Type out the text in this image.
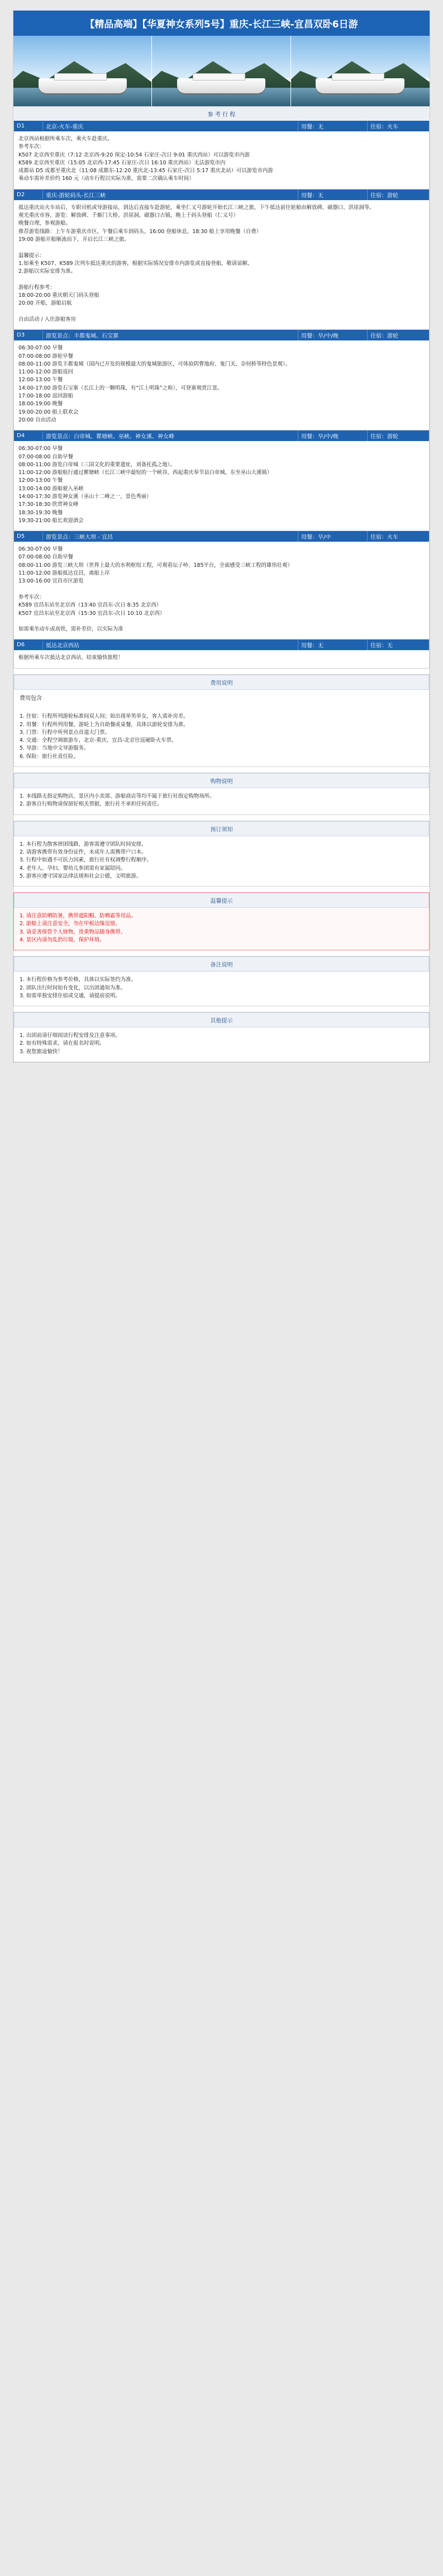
【精品高端】【华夏神女系列5号】重庆-长江三峡-宜昌双卧6日游
参 考 行 程
D1	北京-火车-重庆	用餐：无	住宿：火车
北京西站根据所乘车次，乘火车赴重庆。
参考车次：
K507 北京西至重庆（7:12 北京西-9:20 保定-10:54 石家庄-次日 9:01 重庆西站）可以游览市内游
K589 北京西至重庆（15:05 北京西-17:45 石家庄-次日 16:10 重庆西站）无法游览市内
成都站 D5 成都至重庆北（11:08 成都东-12:20 重庆北-13:45 石家庄-次日 5:17 重庆北站）可以游览市内游
乘动车需补差价约 160 元（动车行程以实际为准，需要二次确认乘车时间）
D2	重庆-游轮码头-长江三峡	用餐：无	住宿：游轮
抵达重庆站火车站后，专职司机或导游接站，到达后直接车赴游轮，乘坐仁义号游轮开始长江三峡之旅，下午抵达前往轮船由解放碑、磁器口、洪崖洞等。
观光重庆市容，游览：解放碑、千厮门大桥、洪崖洞、磁器口古镇，晚上于码头登船（仁义号）
晚餐自理，参观游船。
推荐游览线路：上午车游重庆市区，午餐后乘车到码头，16:00 登船休息，18:30 船上享用晚餐（自费）
19:00 游船开船顺流而下，开启长江三峡之旅。

温馨提示：
1.如乘坐 K507、K589 次列车抵达重庆的游客，根据实际情况安排市内游览或直接登船，敬请谅解。
2.游船以实际安排为准。

游船行程参考：
18:00-20:00 重庆朝天门码头登船
20:00 开船，游船启航

自由活动 / 入住游船客房
D3	游览景点：丰都鬼城、石宝寨	用餐：早/中/晚	住宿：游轮
06:30-07:00 早餐
07:00-08:00 游轮早餐
08:00-11:00 游览丰都鬼城（国内已开发的规模最大的鬼城旅游区，可体验阴曹地府、鬼门关、奈何桥等特色景观）。
11:00-12:00 游船返回
12:00-13:00 午餐
14:00-17:00 游览石宝寨（长江上的一颗明珠，有“江上明珠”之称），可登寨观赏江景。
17:00-18:00 返回游船
18:00-19:00 晚餐
19:00-20:00 船上联欢会
20:00 自由活动
D4	游览景点：白帝城、瞿塘峡、巫峡、神女溪、神女峰	用餐：早/中/晚	住宿：游轮
06:30-07:00 早餐
07:00-08:00 自助早餐
08:00-11:00 游览白帝城（三国文化的重要遗址，刘备托孤之地）。
11:00-12:00 游船航行通过瞿塘峡（长江三峡中最短的一个峡谷，西起重庆奉节县白帝城，东至巫山大溪镇）
12:00-13:00 午餐
13:00-14:00 游船驶入巫峡
14:00-17:30 游览神女溪（巫山十二峰之一，景色秀丽）
17:30-18:30 欣赏神女峰
18:30-19:30 晚餐
19:30-21:00 船长欢迎酒会
D5	游览景点：三峡大坝 - 宜昌	用餐：早/中	住宿：火车
06:30-07:00 早餐
07:00-08:00 自助早餐
08:00-11:00 游览三峡大坝（世界上最大的水利枢纽工程，可观看坛子岭、185平台，全面感受三峡工程的雄伟壮观）
11:00-12:00 游船抵达宜昌，离船上岸
13:00-16:00 宜昌市区游览

参考车次：
K589 宜昌东站至北京西（13:40 宜昌东-次日 8:35 北京西）
K507 宜昌东站至北京西（15:30 宜昌东-次日 10:10 北京西）

如需乘坐动车或高铁，需补差价，以实际为准
D6	抵达北京西站	用餐：无	住宿：无
根据所乘车次抵达北京西站，结束愉快旅程！
费用说明
费用包含
1. 住宿：行程所列游轮标准间双人间；如出现单男单女，客人需补房差。
2. 用餐：行程所列用餐，游轮上为自助餐或桌餐，具体以游轮安排为准。
3. 门票：行程中所列景点首道大门票。
4. 交通：全程空调旅游车，北京-重庆、宜昌-北京往返硬卧火车票。
5. 导游：当地中文导游服务。
6. 保险：旅行社责任险。
购物说明
1. 本线路无指定购物店，景区内小卖部、游船商店等均不属于旅行社指定购物场所。
2. 游客自行购物请保留好相关票据，旅行社不承担任何责任。
预订须知
1. 本行程为散客拼团线路，游客需遵守团队时间安排。
2. 请游客携带有效身份证件，未成年人需携带户口本。
3. 行程中如遇不可抗力因素，旅行社有权调整行程顺序。
4. 老年人、孕妇、婴幼儿参团需有家属陪同。
5. 游客应遵守国家法律法规和社会公德，文明旅游。
温馨提示
1. 请注意防晒防暑，携带遮阳帽、防晒霜等用品。
2. 游船上请注意安全，勿在甲板边缘逗留。
3. 请妥善保管个人财物，贵重物品随身携带。
4. 景区内请勿乱扔垃圾，保护环境。
备注说明
1. 本行程价格为参考价格，具体以实际签约为准。
2. 团队出行时间如有变化，以出团通知为准。
3. 如需单独安排住宿或交通，请提前说明。
其他提示
1. 出团前请仔细阅读行程安排及注意事项。
2. 如有特殊需求，请在报名时说明。
3. 祝您旅途愉快！
